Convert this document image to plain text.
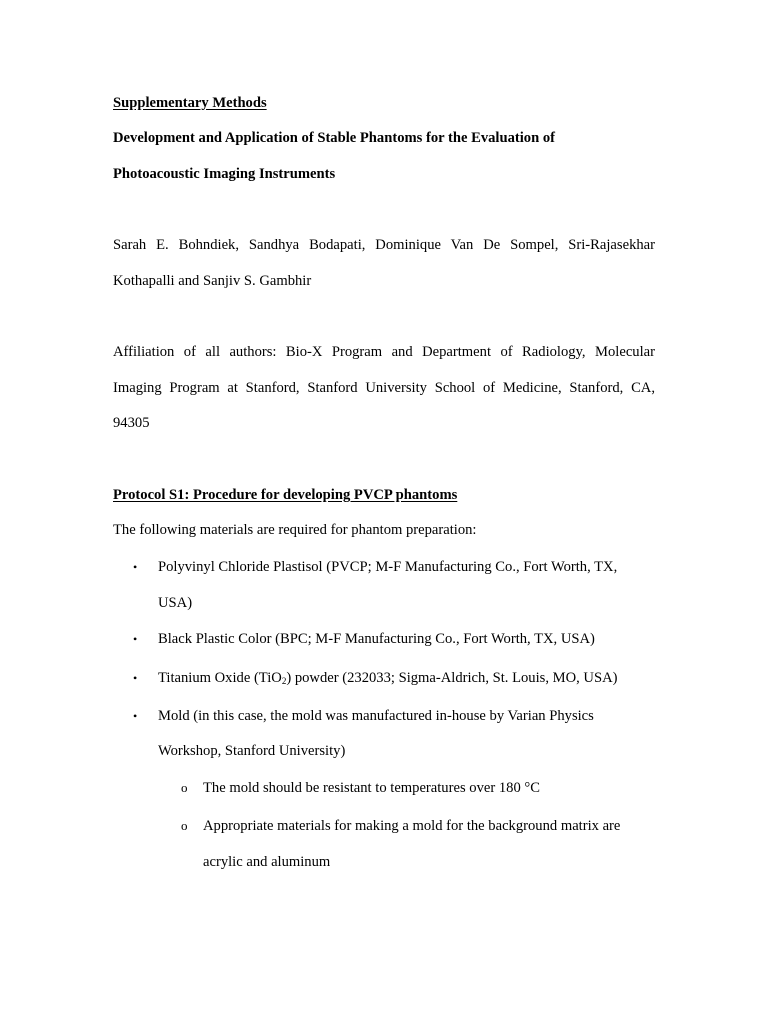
Supplementary Methods
Development and Application of Stable Phantoms for the Evaluation of
Photoacoustic Imaging Instruments
Sarah E. Bohndiek, Sandhya Bodapati, Dominique Van De Sompel, Sri-Rajasekhar
Kothapalli and Sanjiv S. Gambhir
Affiliation of all authors: Bio-X Program and Department of Radiology, Molecular
Imaging Program at Stanford, Stanford University School of Medicine, Stanford, CA,
94305
Protocol S1: Procedure for developing PVCP phantoms
The following materials are required for phantom preparation:
• Polyvinyl Chloride Plastisol (PVCP; M-F Manufacturing Co., Fort Worth, TX,
USA)
• Black Plastic Color (BPC; M-F Manufacturing Co., Fort Worth, TX, USA)
• Titanium Oxide (TiO$_2$) powder (232033; Sigma-Aldrich, St. Louis, MO, USA)
• Mold (in this case, the mold was manufactured in-house by Varian Physics
Workshop, Stanford University)
o The mold should be resistant to temperatures over 180 °C
o Appropriate materials for making a mold for the background matrix are
acrylic and aluminum
